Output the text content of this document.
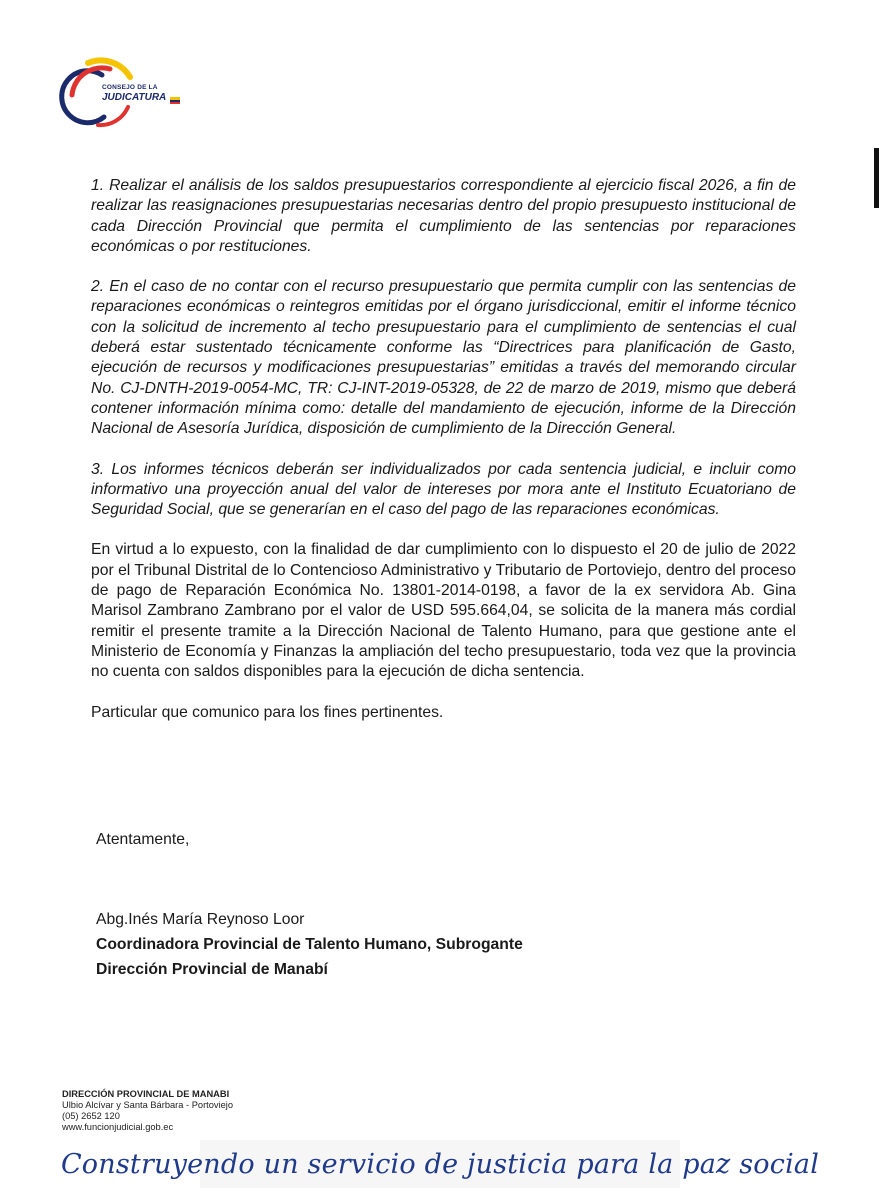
CONSEJO DE LA
JUDICATURA

1. Realizar el análisis de los saldos presupuestarios correspondiente al ejercicio fiscal 2026, a fin de realizar las reasignaciones presupuestarias necesarias dentro del propio presupuesto institucional de cada Dirección Provincial que permita el cumplimiento de las sentencias por reparaciones económicas o por restituciones.

2. En el caso de no contar con el recurso presupuestario que permita cumplir con las sentencias de reparaciones económicas o reintegros emitidas por el órgano jurisdiccional, emitir el informe técnico con la solicitud de incremento al techo presupuestario para el cumplimiento de sentencias el cual deberá estar sustentado técnicamente conforme las “Directrices para planificación de Gasto, ejecución de recursos y modificaciones presupuestarias” emitidas a través del memorando circular No. CJ-DNTH-2019-0054-MC, TR: CJ-INT-2019-05328, de 22 de marzo de 2019, mismo que deberá contener información mínima como: detalle del mandamiento de ejecución, informe de la Dirección Nacional de Asesoría Jurídica, disposición de cumplimiento de la Dirección General.

3. Los informes técnicos deberán ser individualizados por cada sentencia judicial, e incluir como informativo una proyección anual del valor de intereses por mora ante el Instituto Ecuatoriano de Seguridad Social, que se generarían en el caso del pago de las reparaciones económicas.

En virtud a lo expuesto, con la finalidad de dar cumplimiento con lo dispuesto el 20 de julio de 2022 por el Tribunal Distrital de lo Contencioso Administrativo y Tributario de Portoviejo, dentro del proceso de pago de Reparación Económica No. 13801-2014-0198, a favor de la ex servidora Ab. Gina Marisol Zambrano Zambrano por el valor de USD 595.664,04, se solicita de la manera más cordial remitir el presente tramite a la Dirección Nacional de Talento Humano, para que gestione ante el Ministerio de Economía y Finanzas la ampliación del techo presupuestario, toda vez que la provincia no cuenta con saldos disponibles para la ejecución de dicha sentencia.

Particular que comunico para los fines pertinentes.

Atentamente,
Abg.Inés María Reynoso Loor
Coordinadora Provincial de Talento Humano, Subrogante
Dirección Provincial de Manabí
DIRECCIÓN PROVINCIAL DE MANABI
Ulbio Alcívar y Santa Bárbara - Portoviejo
(05) 2652 120
www.funcionjudicial.gob.ec
Construyendo un servicio de justicia para la paz social
